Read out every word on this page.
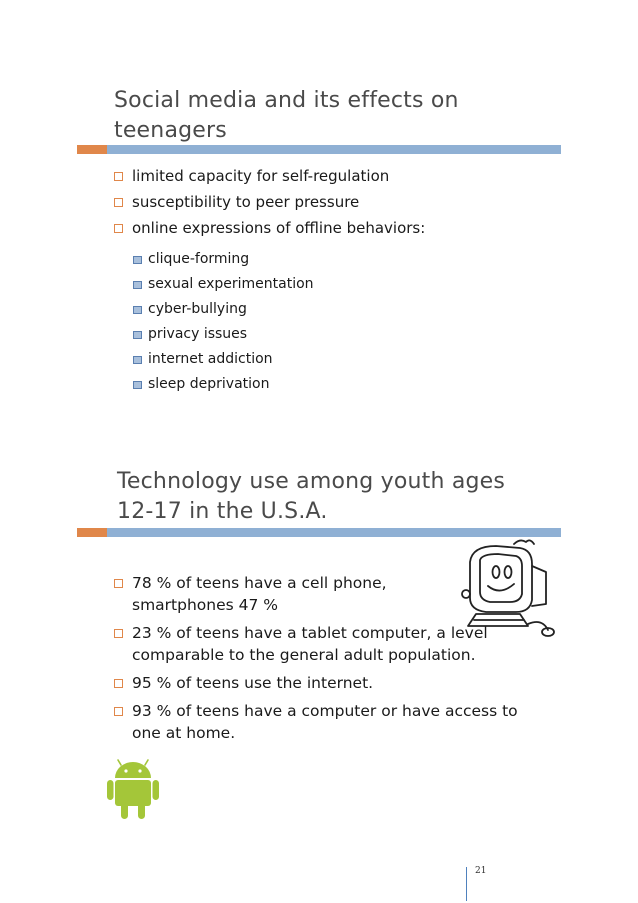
Social media and its effects on
teenagers
limited capacity for self-regulation
susceptibility to peer pressure
online expressions of offline behaviors:
clique-forming
sexual experimentation
cyber-bullying
privacy issues
internet addiction
sleep deprivation
Technology use among youth ages
12-17 in the U.S.A.
78 % of teens have a cell phone,
smartphones 47 %
23 % of teens have a tablet computer, a level
comparable to the general adult population.
95 % of teens use the internet.
93 % of teens have a computer or have access to
one at home.
21
